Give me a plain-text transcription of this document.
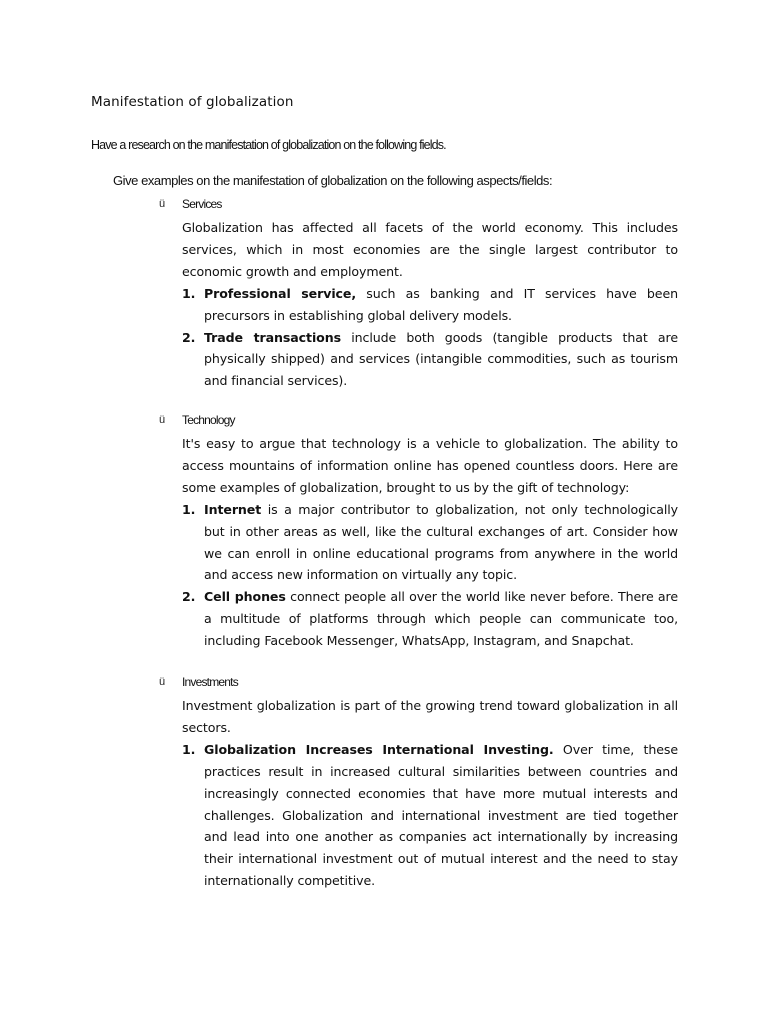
Manifestation of globalization
Have a research on the manifestation of globalization on the following fields.
Give examples on the manifestation of globalization on the following aspects/fields:
ü Services

Globalization has affected all facets of the world economy. This includes services, which in most economies are the single largest contributor to economic growth and employment.

1. Professional service, such as banking and IT services have been precursors in establishing global delivery models.
2. Trade transactions include both goods (tangible products that are physically shipped) and services (intangible commodities, such as tourism and financial services).
ü Technology

It's easy to argue that technology is a vehicle to globalization. The ability to access mountains of information online has opened countless doors. Here are some examples of globalization, brought to us by the gift of technology:

1. Internet is a major contributor to globalization, not only technologically but in other areas as well, like the cultural exchanges of art. Consider how we can enroll in online educational programs from anywhere in the world and access new information on virtually any topic.
2. Cell phones connect people all over the world like never before. There are a multitude of platforms through which people can communicate too, including Facebook Messenger, WhatsApp, Instagram, and Snapchat.
ü Investments

Investment globalization is part of the growing trend toward globalization in all sectors.

1. Globalization Increases International Investing. Over time, these practices result in increased cultural similarities between countries and increasingly connected economies that have more mutual interests and challenges. Globalization and international investment are tied together and lead into one another as companies act internationally by increasing their international investment out of mutual interest and the need to stay internationally competitive.
